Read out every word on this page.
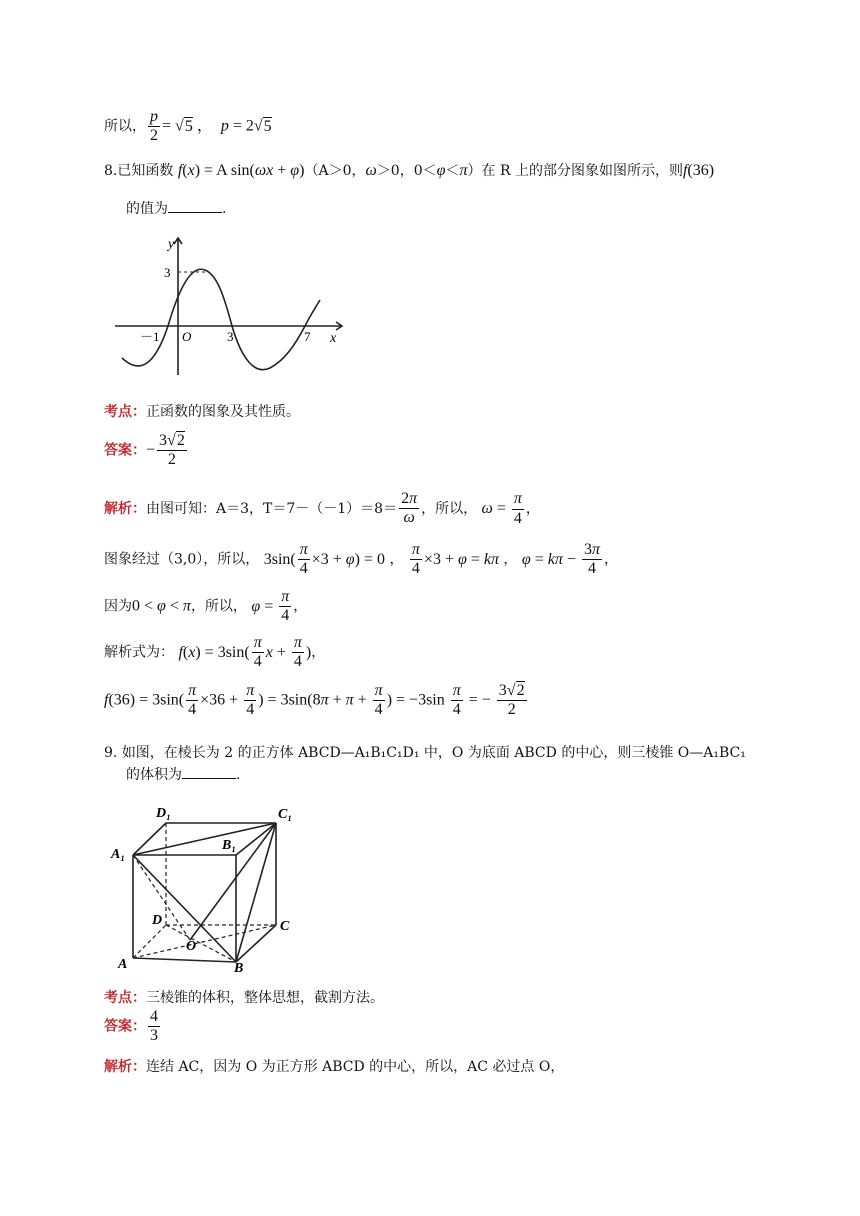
所以， $\frac{p}{2} = √5$ ，  p = 2√5
8.已知函数 f(x) = A sin(ωx + φ)（A＞0，ω＞0，0＜φ＜π）在 R 上的部分图象如图所示，则f(36)
的值为	.
y
x
3
－1 O	3	7
考点：正函数的图象及其性质。
答案：− $\frac{3√2}{2}$
解析：由图可知：A＝3，$T=7-(-1)=8= \frac{2\pi}{\omega}$ ，所以， $\omega = \frac{\pi}{4}$ ，
图象经过（3,0），所以， $3\sin( \frac{\pi}{4} \times 3 + \varphi) = 0$ ， $\frac{\pi}{4} \times 3 + \varphi = k\pi$ ， $\varphi = k\pi - \frac{3\pi}{4}$ ，
因为0 < φ < π，所以， $\varphi = \frac{\pi}{4}$ ，
解析式为： $f(x) = 3\sin( \frac{\pi}{4}$ $x + \frac{\pi}{4}$ )，
$f(36) = 3\sin( \frac{\pi}{4} \times 36 + \frac{\pi}{4}$ ) = $3\sin(8\pi + \pi + \frac{\pi}{4}$ ) = $-3\sin \frac{\pi}{4}$ = − $\frac{3√2}{2}$
9. 如图，在棱长为 2 的正方体 ABCD—A₁B₁C₁D₁ 中，O 为底面 ABCD 的中心，则三棱锥 O—A₁BC₁
的体积为	.
D₁	C₁
A₁
B₁
D	C
O
A	B
考点：三棱锥的体积，整体思想，截割方法。
答案： $\frac{4}{3}$
解析：连结 AC，因为 O 为正方形 ABCD 的中心，所以，AC 必过点 O，
